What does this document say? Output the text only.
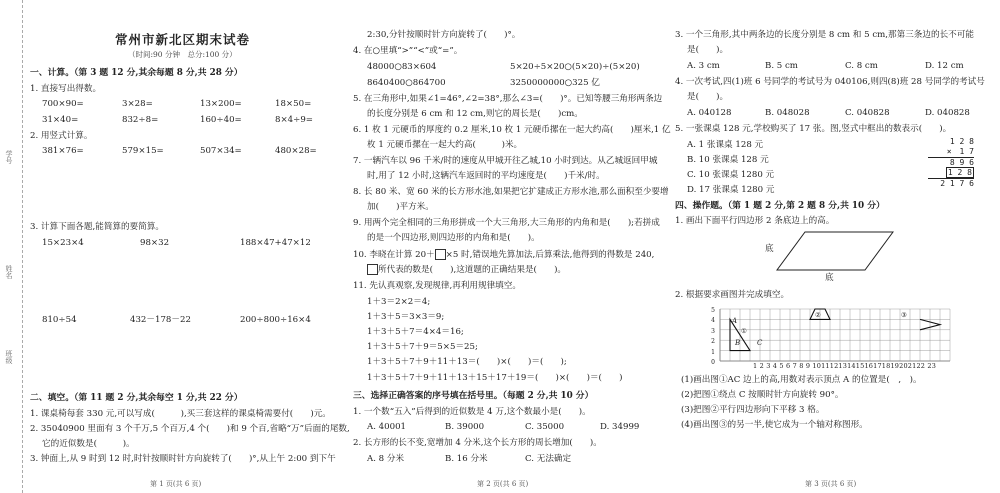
学号
姓名
班级
常州市新北区期末试卷
（时间:90 分钟　总分:100 分）
一、计算。（第 3 题 12 分,其余每题 8 分,共 28 分）
1. 直接写出得数。
700×90=	3×28=	13×200=	18×50=
31×40=	832÷8=	160÷40=	8×4÷9=
2. 用竖式计算。
381×76=	579×15=	507×34=	480×28=
3. 计算下面各题,能简算的要简算。
15×23×4	98×32	188×47+47×12
810÷54	432－178－22	200÷800÷16×4
二、填空。（第 11 题 2 分,其余每空 1 分,共 22 分）
1. 课桌椅每套 330 元,可以写成(　　　),买三套这样的课桌椅需要付(　　)元。
2. 35040900 里面有 3 个千万,5 个百万,4 个(　　)和 9 个百,省略“万”后面的尾数,
它的近似数是(　　　)。
3. 钟面上,从 9 时到 12 时,时针按顺时针方向旋转了(　　)°,从上午 2:00 到下午
第 1 页(共 6 页)
2:30,分针按顺时针方向旋转了(　　)°。
4. 在○里填“>”“<”或“=”。
48000○83×604	5×20÷5×20○(5×20)÷(5×20)
8640400○864700	3250000000○325 亿
5. 在三角形中,如果∠1=46°,∠2=38°,那么∠3=(　　)°。已知等腰三角形两条边
的长度分别是 6 cm 和 12 cm,则它的周长是(　　)cm。
6. 1 枚 1 元硬币的厚度约 0.2 厘米,10 枚 1 元硬币摞在一起大约高(　　)厘米,1 亿
枚 1 元硬币摞在一起大约高(　　　)米。
7. 一辆汽车以 96 千米/时的速度从甲城开往乙城,10 小时到达。从乙城返回甲城
时,用了 12 小时,这辆汽车返回时的平均速度是(　　)千米/时。
8. 长 80 米、宽 60 米的长方形水池,如果把它扩建成正方形水池,那么面积至少要增
加(　　)平方米。
9. 用两个完全相同的三角形拼成一个大三角形,大三角形的内角和是(　　);若拼成
的是一个四边形,则四边形的内角和是(　　)。
10. 李晓在计算 20＋ ×5 时,错误地先算加法,后算乘法,他得到的得数是 240,
所代表的数是(　　),这道题的正确结果是(　　)。
11. 先认真观察,发现规律,再利用规律填空。
1＋3＝2×2＝4;
1＋3＋5＝3×3＝9;
1＋3＋5＋7＝4×4＝16;
1＋3＋5＋7＋9＝5×5＝25;
1＋3＋5＋7＋9＋11＋13＝(　　)×(　　)＝(　　);
1＋3＋5＋7＋9＋11＋13＋15＋17＋19＝(　　)×(　　)＝(　　)
三、选择正确答案的序号填在括号里。（每题 2 分,共 10 分）
1. 一个数“五入”后得到的近似数是 4 万,这个数最小是(　　)。
A. 40001	B. 39000	C. 35000	D. 34999
2. 长方形的长不变,宽增加 4 分米,这个长方形的周长增加(　　)。
A. 8 分米	B. 16 分米	C. 无法确定
第 2 页(共 6 页)
3. 一个三角形,其中两条边的长度分别是 8 cm 和 5 cm,那第三条边的长不可能
是(　　)。
A. 3 cm	B. 5 cm	C. 8 cm	D. 12 cm
4. 一次考试,四(1)班 6 号同学的考试号为 040106,则四(8)班 28 号同学的考试号
是(　　)。
A. 040128	B. 048028	C. 040828	D. 040828
5. 一张课桌 128 元,学校购买了 17 张。图,竖式中框出的数表示(　　)。
A. 1 张课桌 128 元
B. 10 张课桌 128 元
C. 10 张课桌 1280 元
D. 17 张课桌 1280 元
1 2 8
×　1 7
8 9 6
1 2 8
2 1 7 6
四、操作题。（第 1 题 2 分,第 2 题 8 分,共 10 分）
1. 画出下面平行四边形 2 条底边上的高。
底
底
2. 根据要求画图并完成填空。
5
4
3
2
1
0	1 2 3 4 5 6 7 8 9 10111213141516171819202122 23
A
B C
①
②	③
(1)画出图①AC 边上的高,用数对表示顶点 A 的位置是(　,　)。
(2)把图①绕点 C 按顺时针方向旋转 90°。
(3)把图②平行四边形向下平移 3 格。
(4)画出图③的另一半,使它成为一个轴对称图形。
第 3 页(共 6 页)
